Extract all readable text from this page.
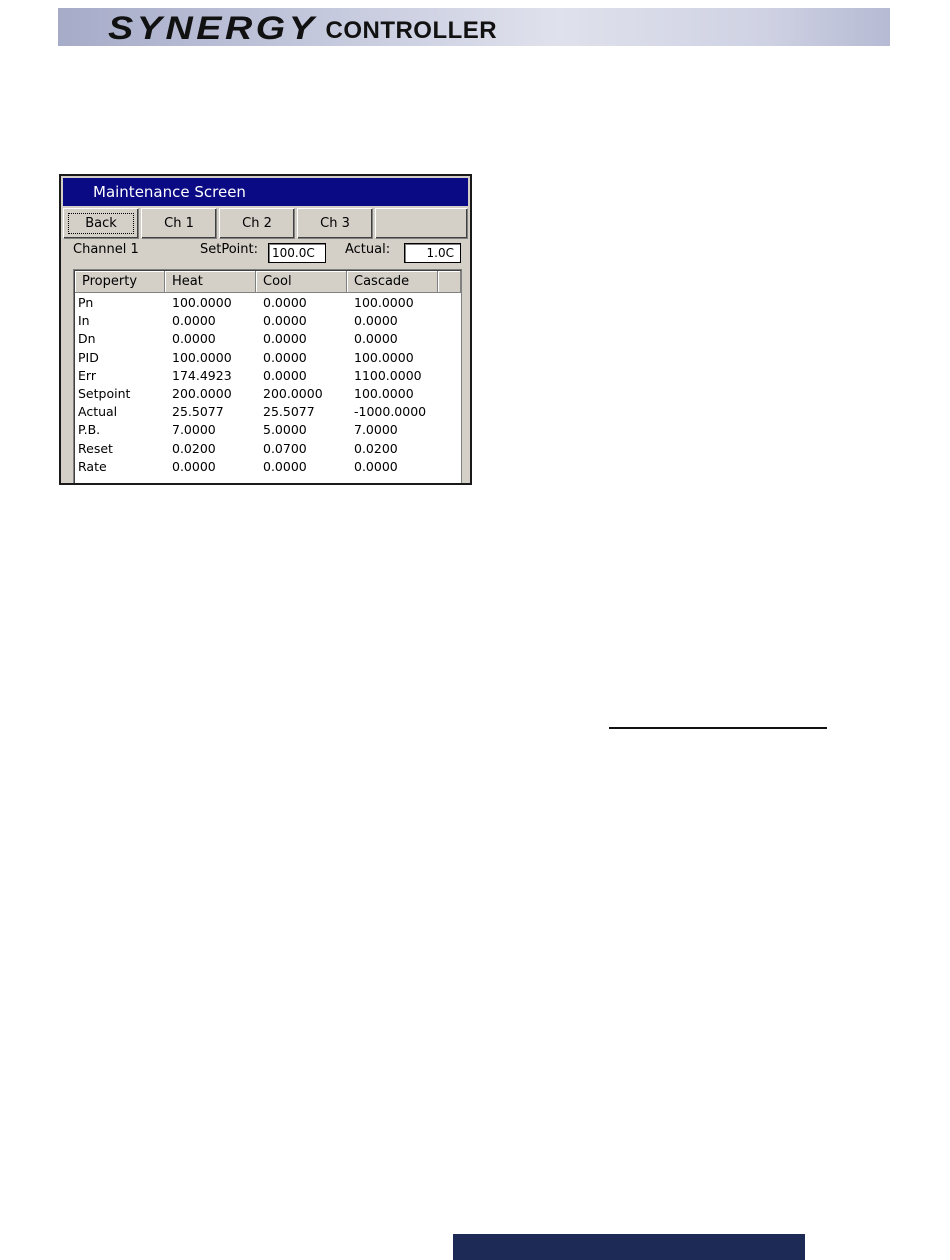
SYNERGY CONTROLLER
Maintenance Screen
Back	Ch 1	Ch 2	Ch 3
Channel 1	SetPoint:	100.0C	Actual:	1.0C
Property	Heat	Cool	Cascade
Pn	100.0000	0.0000	100.0000
In	0.0000	0.0000	0.0000
Dn	0.0000	0.0000	0.0000
PID	100.0000	0.0000	100.0000
Err	174.4923	0.0000	1100.0000
Setpoint	200.0000	200.0000	100.0000
Actual	25.5077	25.5077	-1000.0000
P.B.	7.0000	5.0000	7.0000
Reset	0.0200	0.0700	0.0200
Rate	0.0000	0.0000	0.0000
